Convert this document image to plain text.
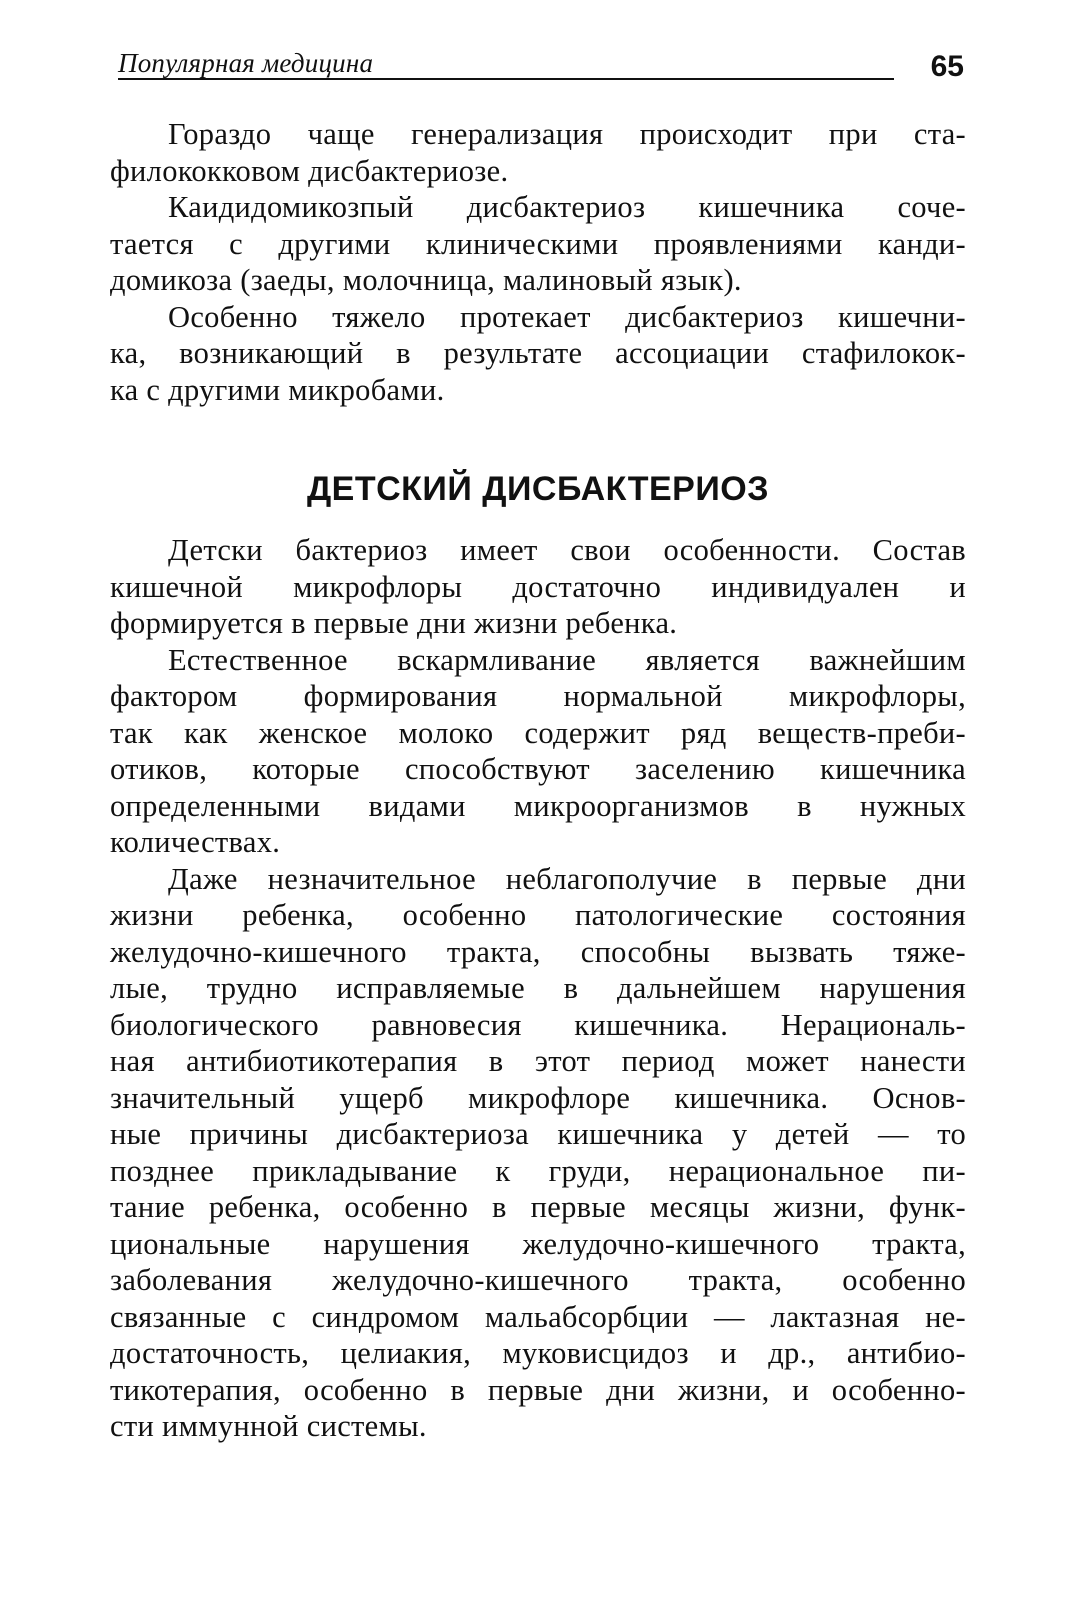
Популярная медицина	65
Гораздо чаще генерализация происходит при ста-
филококковом дисбактериозе.
Каидидомикозпый дисбактериоз кишечника соче-
тается с другими клиническими проявлениями канди-
домикоза (заеды, молочница, малиновый язык).
Особенно тяжело протекает дисбактериоз кишечни-
ка, возникающий в результате ассоциации стафилокок-
ка с другими микробами.
ДЕТСКИЙ ДИСБАКТЕРИОЗ
Детски бактериоз имеет свои особенности. Состав
кишечной микрофлоры достаточно индивидуален и
формируется в первые дни жизни ребенка.
Естественное вскармливание является важнейшим
фактором формирования нормальной микрофлоры,
так как женское молоко содержит ряд веществ-преби-
отиков, которые способствуют заселению кишечника
определенными видами микроорганизмов в нужных
количествах.
Даже незначительное неблагополучие в первые дни
жизни ребенка, особенно патологические состояния
желудочно-кишечного тракта, способны вызвать тяже-
лые, трудно исправляемые в дальнейшем нарушения
биологического равновесия кишечника. Нерациональ-
ная антибиотикотерапия в этот период может нанести
значительный ущерб микрофлоре кишечника. Основ-
ные причины дисбактериоза кишечника у детей — то
позднее прикладывание к груди, нерациональное пи-
тание ребенка, особенно в первые месяцы жизни, функ-
циональные нарушения желудочно-кишечного тракта,
заболевания желудочно-кишечного тракта, особенно
связанные с синдромом мальабсорбции — лактазная не-
достаточность, целиакия, муковисцидоз и др., антибио-
тикотерапия, особенно в первые дни жизни, и особенно-
сти иммунной системы.
